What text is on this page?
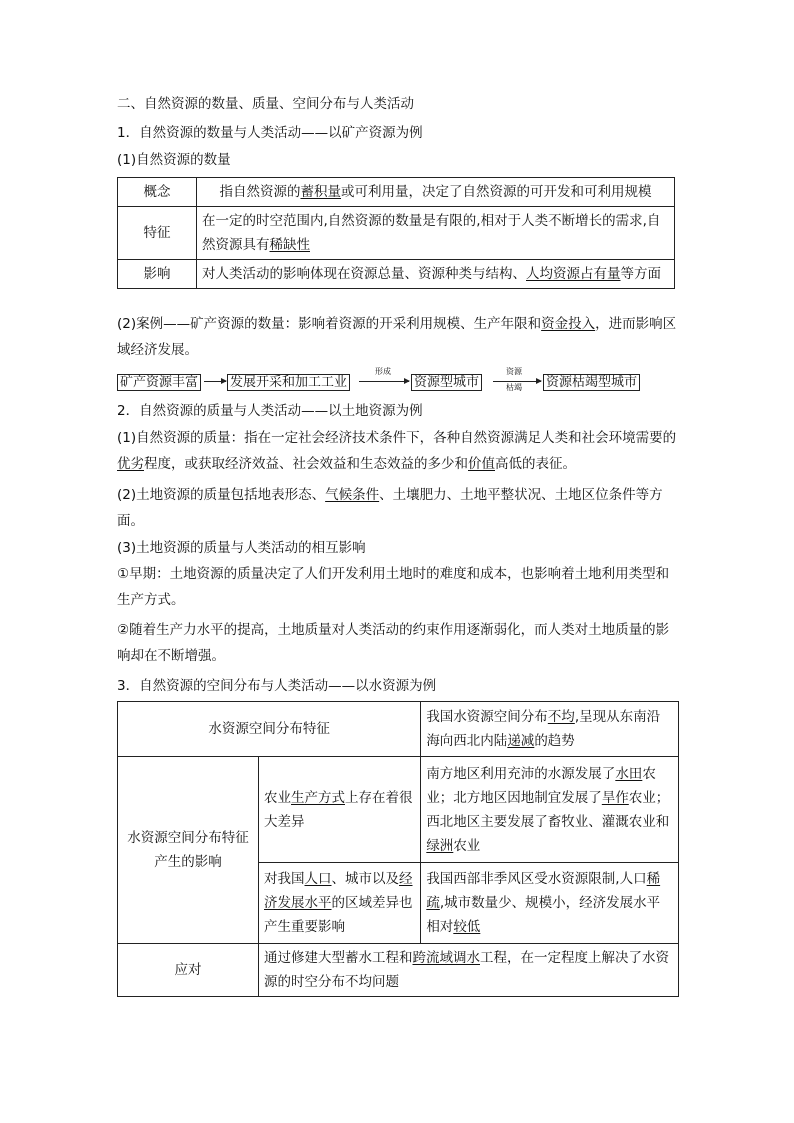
二、自然资源的数量、质量、空间分布与人类活动
1．自然资源的数量与人类活动——以矿产资源为例
(1)自然资源的数量
概念	指自然资源的蓄积量或可利用量，决定了自然资源的可开发和可利用规模
特征	在一定的时空范围内,自然资源的数量是有限的,相对于人类不断增长的需求,自然资源具有稀缺性
影响	对人类活动的影响体现在资源总量、资源种类与结构、人均资源占有量等方面
(2)案例——矿产资源的数量：影响着资源的开采利用规模、生产年限和资金投入，进而影响区域经济发展。
矿产资源丰富 发展开采和加工工业
形成
资源型城市
资源
枯竭	资源枯竭型城市
2．自然资源的质量与人类活动——以土地资源为例
(1)自然资源的质量：指在一定社会经济技术条件下，各种自然资源满足人类和社会环境需要的优劣程度，或获取经济效益、社会效益和生态效益的多少和价值高低的表征。
(2)土地资源的质量包括地表形态、气候条件、土壤肥力、土地平整状况、土地区位条件等方面。
(3)土地资源的质量与人类活动的相互影响
①早期：土地资源的质量决定了人们开发利用土地时的难度和成本，也影响着土地利用类型和生产方式。
②随着生产力水平的提高，土地质量对人类活动的约束作用逐渐弱化，而人类对土地质量的影响却在不断增强。
3．自然资源的空间分布与人类活动——以水资源为例
水资源空间分布特征		我国水资源空间分布不均,呈现从东南沿海向西北内陆递减的趋势
水资源空间分布特征产生的影响	农业生产方式上存在着很大差异	南方地区利用充沛的水源发展了水田农业；北方地区因地制宜发展了旱作农业；西北地区主要发展了畜牧业、灌溉农业和绿洲农业
	对我国人口、城市以及经济发展水平的区域差异也产生重要影响	我国西部非季风区受水资源限制,人口稀疏,城市数量少、规模小，经济发展水平相对较低
应对	通过修建大型蓄水工程和跨流域调水工程，在一定程度上解决了水资源的时空分布不均问题	
